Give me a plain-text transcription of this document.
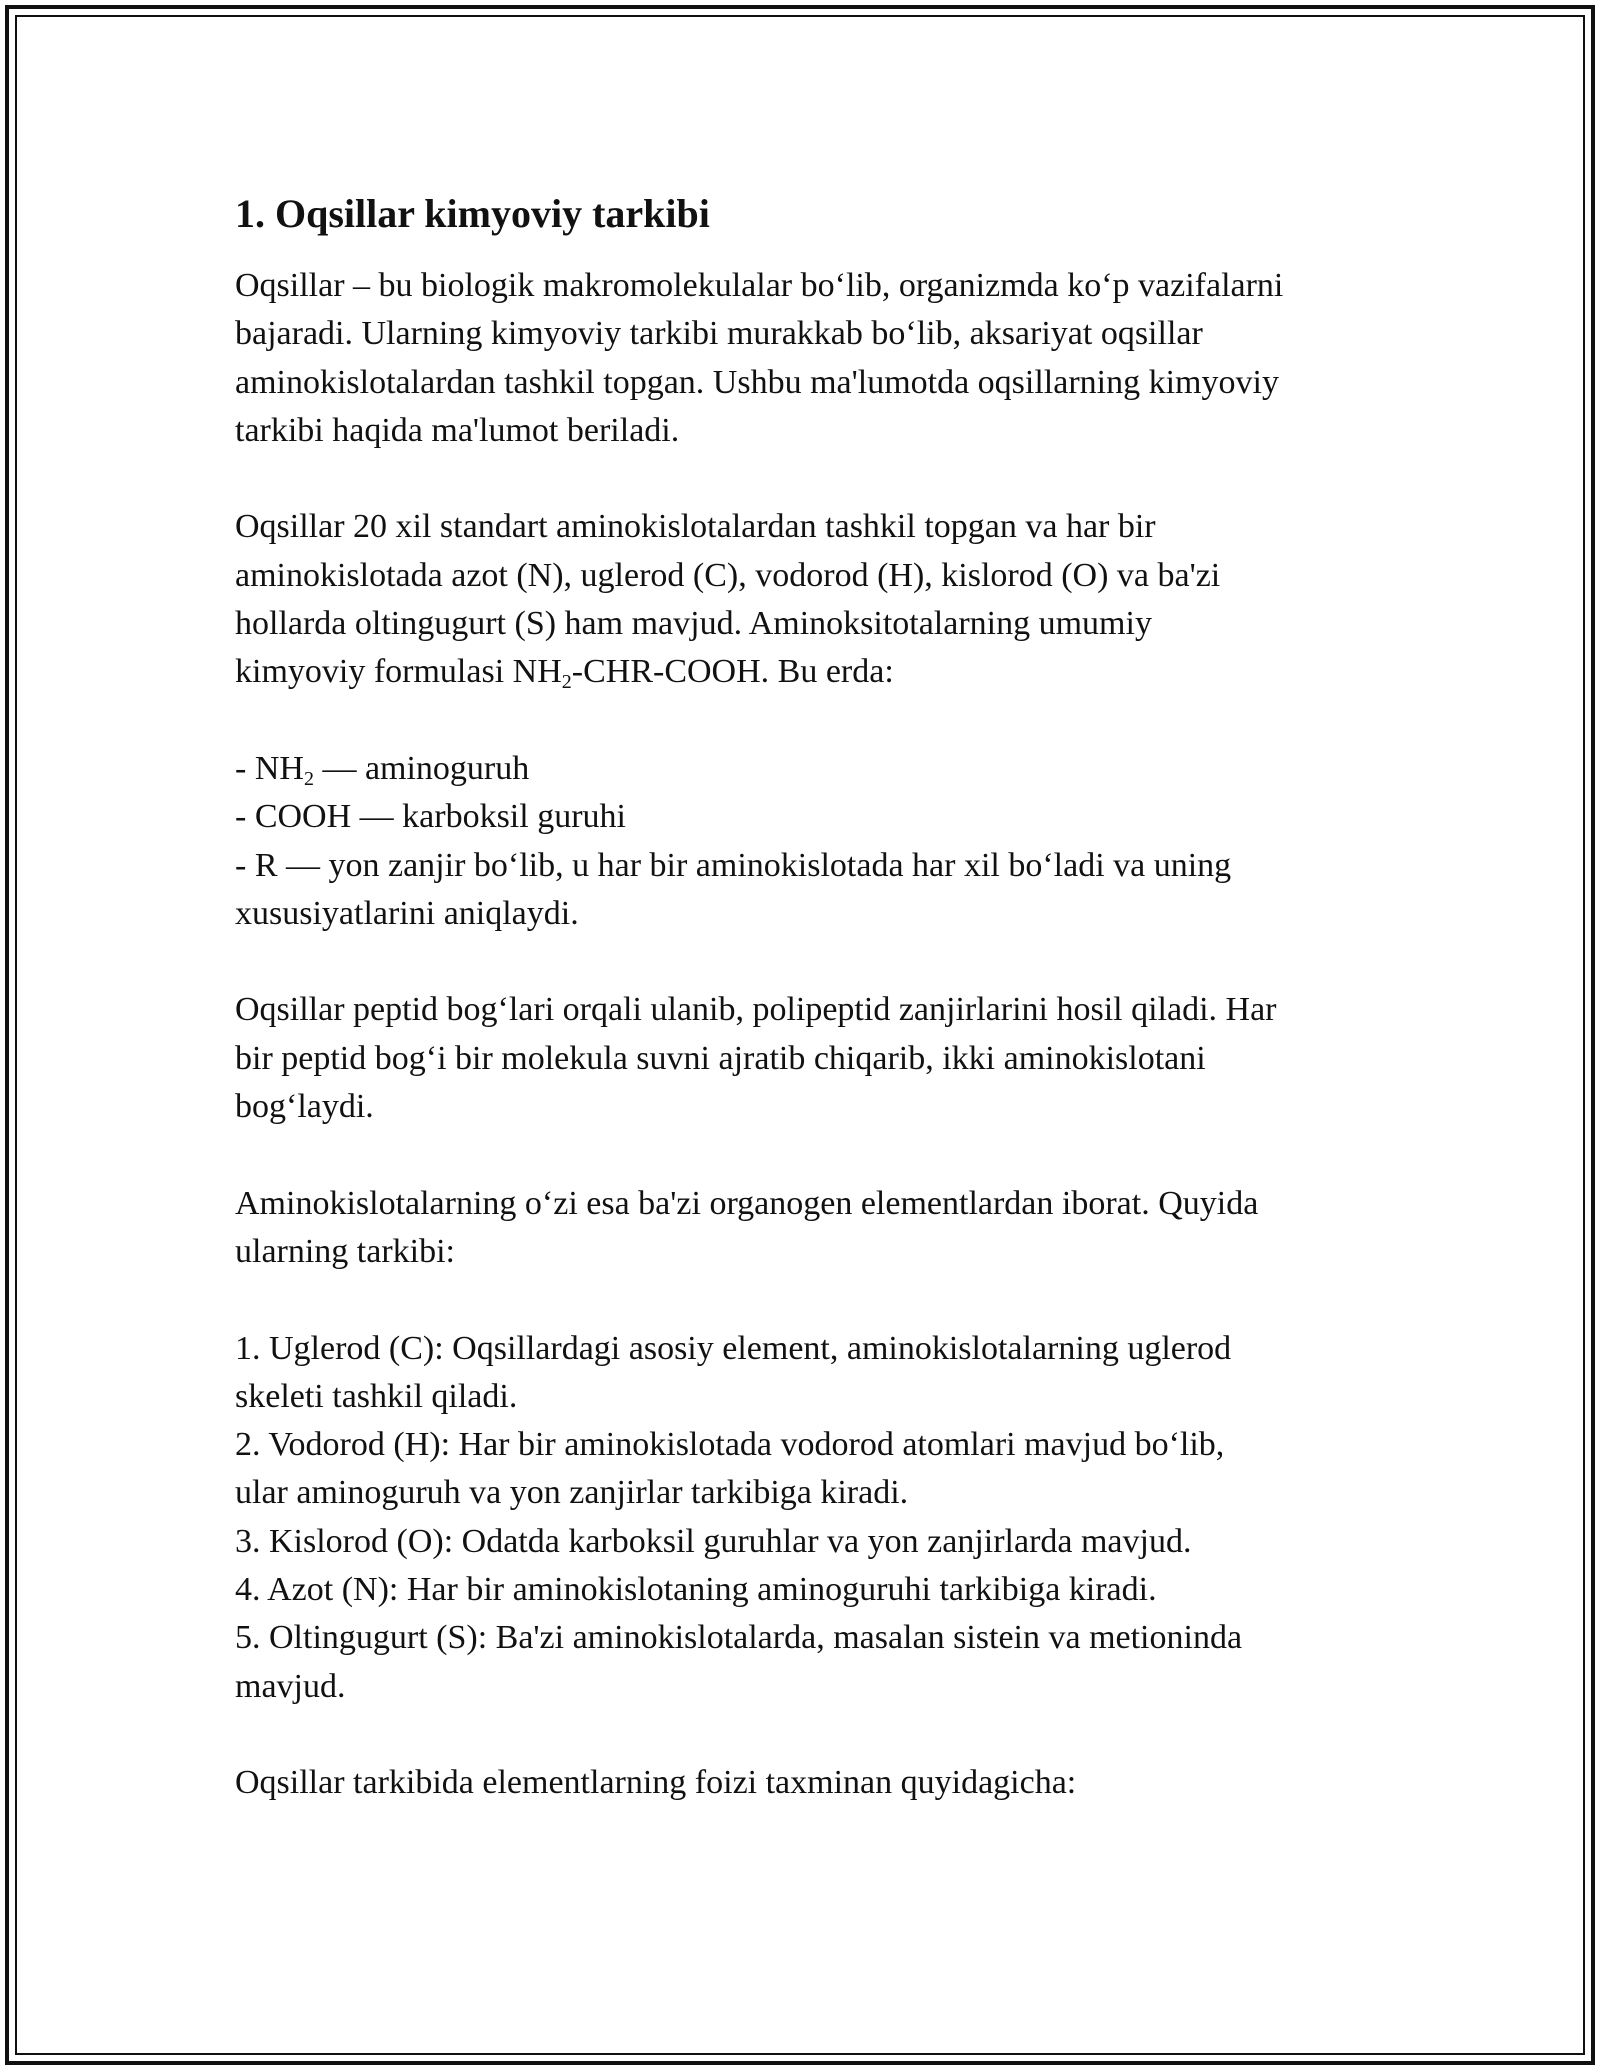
1. Oqsillar kimyoviy tarkibi

Oqsillar – bu biologik makromolekulalar bo‘lib, organizmda ko‘p vazifalarni
bajaradi. Ularning kimyoviy tarkibi murakkab bo‘lib, aksariyat oqsillar
aminokislotalardan tashkil topgan. Ushbu ma'lumotda oqsillarning kimyoviy
tarkibi haqida ma'lumot beriladi.

Oqsillar 20 xil standart aminokislotalardan tashkil topgan va har bir
aminokislotada azot (N), uglerod (C), vodorod (H), kislorod (O) va ba'zi
hollarda oltingugurt (S) ham mavjud. Aminoksitotalarning umumiy
kimyoviy formulasi $NH_2-CHR$-COOH. Bu erda:

- $NH_2$ — aminoguruh
- COOH — karboksil guruhi
- R — yon zanjir bo‘lib, u har bir aminokislotada har xil bo‘ladi va uning
xususiyatlarini aniqlaydi.

Oqsillar peptid bog‘lari orqali ulanib, polipeptid zanjirlarini hosil qiladi. Har
bir peptid bog‘i bir molekula suvni ajratib chiqarib, ikki aminokislotani
bog‘laydi.

Aminokislotalarning o‘zi esa ba'zi organogen elementlardan iborat. Quyida
ularning tarkibi:

1. Uglerod (C): Oqsillardagi asosiy element, aminokislotalarning uglerod
skeleti tashkil qiladi.
2. Vodorod (H): Har bir aminokislotada vodorod atomlari mavjud bo‘lib,
ular aminoguruh va yon zanjirlar tarkibiga kiradi.
3. Kislorod (O): Odatda karboksil guruhlar va yon zanjirlarda mavjud.
4. Azot (N): Har bir aminokislotaning aminoguruhi tarkibiga kiradi.
5. Oltingugurt (S): Ba'zi aminokislotalarda, masalan sistein va metioninda
mavjud.

Oqsillar tarkibida elementlarning foizi taxminan quyidagicha:
